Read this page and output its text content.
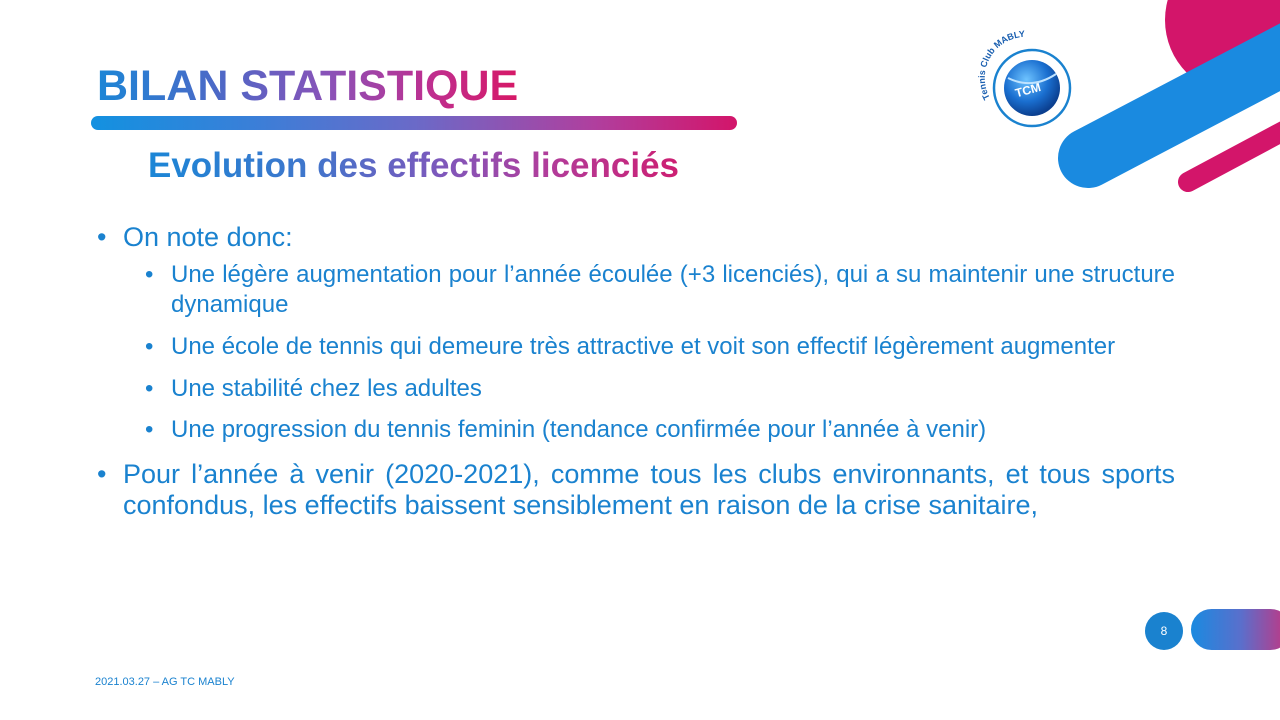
TCM
Tennis Club MABLY
BILAN STATISTIQUE
Evolution des effectifs licenciés
• On note donc:
• Une légère augmentation pour l’année écoulée (+3 licenciés), qui a su maintenir une structure dynamique
• Une école de tennis qui demeure très attractive et voit son effectif légèrement augmenter
• Une stabilité chez les adultes
• Une progression du tennis feminin (tendance confirmée pour l’année à venir)
• Pour l’année à venir (2020-2021), comme tous les clubs environnants, et tous sports confondus, les effectifs baissent sensiblement en raison de la crise sanitaire,
8
2021.03.27 – AG TC MABLY
